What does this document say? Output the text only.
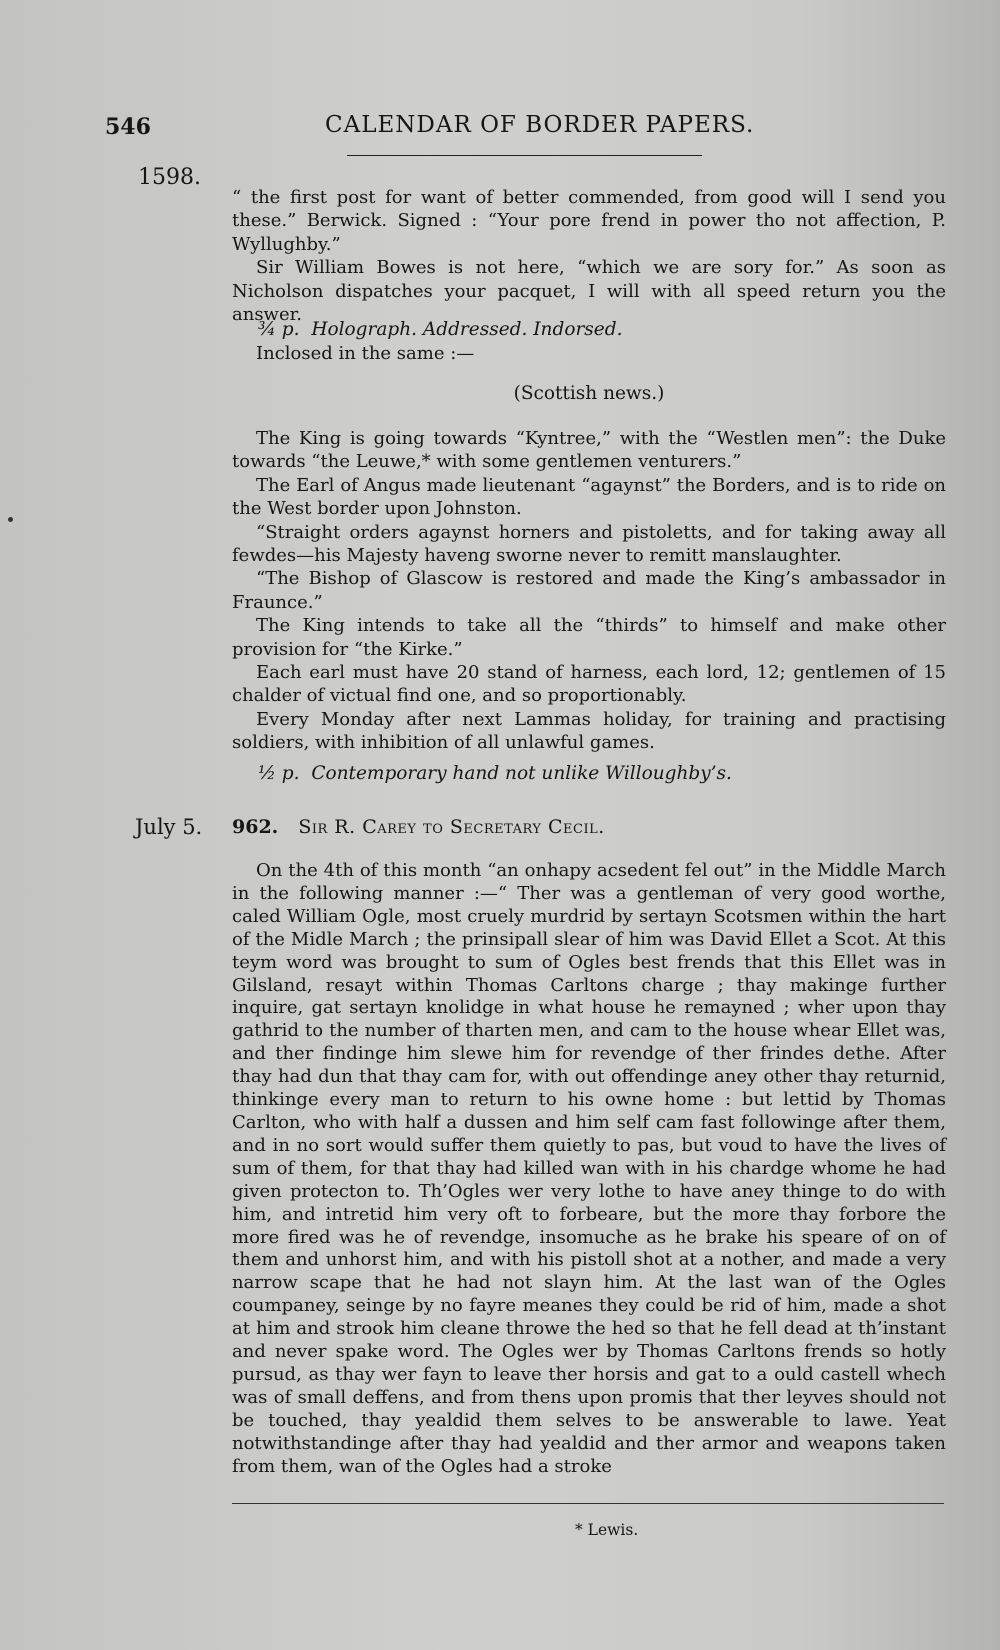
546	CALENDAR OF BORDER PAPERS.
1598.

“ the first post for want of better commended, from good will I send you these.” Berwick. Signed : “Your pore frend in power tho not affection, P. Wyllughby.”

Sir William Bowes is not here, “which we are sory for.” As soon as Nicholson dispatches your pacquet, I will with all speed return you the answer.

¾ p. Holograph. Addressed. Indorsed.

Inclosed in the same :—

(Scottish news.)

The King is going towards “Kyntree,” with the “Westlen men”: the Duke towards “the Leuwe,* with some gentlemen venturers.”

The Earl of Angus made lieutenant “agaynst” the Borders, and is to ride on the West border upon Johnston.

“Straight orders agaynst horners and pistoletts, and for taking away all fewdes—his Majesty haveng sworne never to remitt manslaughter.

“The Bishop of Glascow is restored and made the King’s ambassador in Fraunce.”

The King intends to take all the “thirds” to himself and make other provision for “the Kirke.”

Each earl must have 20 stand of harness, each lord, 12; gentlemen of 15 chalder of victual find one, and so proportionably.

Every Monday after next Lammas holiday, for training and practising soldiers, with inhibition of all unlawful games.

½ p. Contemporary hand not unlike Willoughby’s.
July 5. 962. Sir R. Carey to Secretary Cecil.

On the 4th of this month “an onhapy acsedent fel out” in the Middle March in the following manner :—“ Ther was a gentleman of very good worthe, caled William Ogle, most cruely murdrid by sertayn Scotsmen within the hart of the Midle March ; the prinsipall slear of him was David Ellet a Scot. At this teym word was brought to sum of Ogles best frends that this Ellet was in Gilsland, resayt within Thomas Carltons charge ; thay makinge further inquire, gat sertayn knolidge in what house he remayned ; wher upon thay gathrid to the number of tharten men, and cam to the house whear Ellet was, and ther findinge him slewe him for revendge of ther frindes dethe. After thay had dun that thay cam for, with out offendinge aney other thay returnid, thinkinge every man to return to his owne home : but lettid by Thomas Carlton, who with half a dussen and him self cam fast followinge after them, and in no sort would suffer them quietly to pas, but voud to have the lives of sum of them, for that thay had killed wan with in his chardge whome he had given protecton to. Th’Ogles wer very lothe to have aney thinge to do with him, and intretid him very oft to forbeare, but the more thay forbore the more fired was he of revendge, insomuche as he brake his speare of on of them and unhorst him, and with his pistoll shot at a nother, and made a very narrow scape that he had not slayn him. At the last wan of the Ogles coumpaney, seinge by no fayre meanes they could be rid of him, made a shot at him and strook him cleane throwe the hed so that he fell dead at th’instant and never spake word. The Ogles wer by Thomas Carltons frends so hotly pursud, as thay wer fayn to leave ther horsis and gat to a ould castell whech was of small deffens, and from thens upon promis that ther leyves should not be touched, thay yealdid them selves to be answerable to lawe. Yeat notwithstandinge after thay had yealdid and ther armor and weapons taken from them, wan of the Ogles had a stroke

* Lewis.
